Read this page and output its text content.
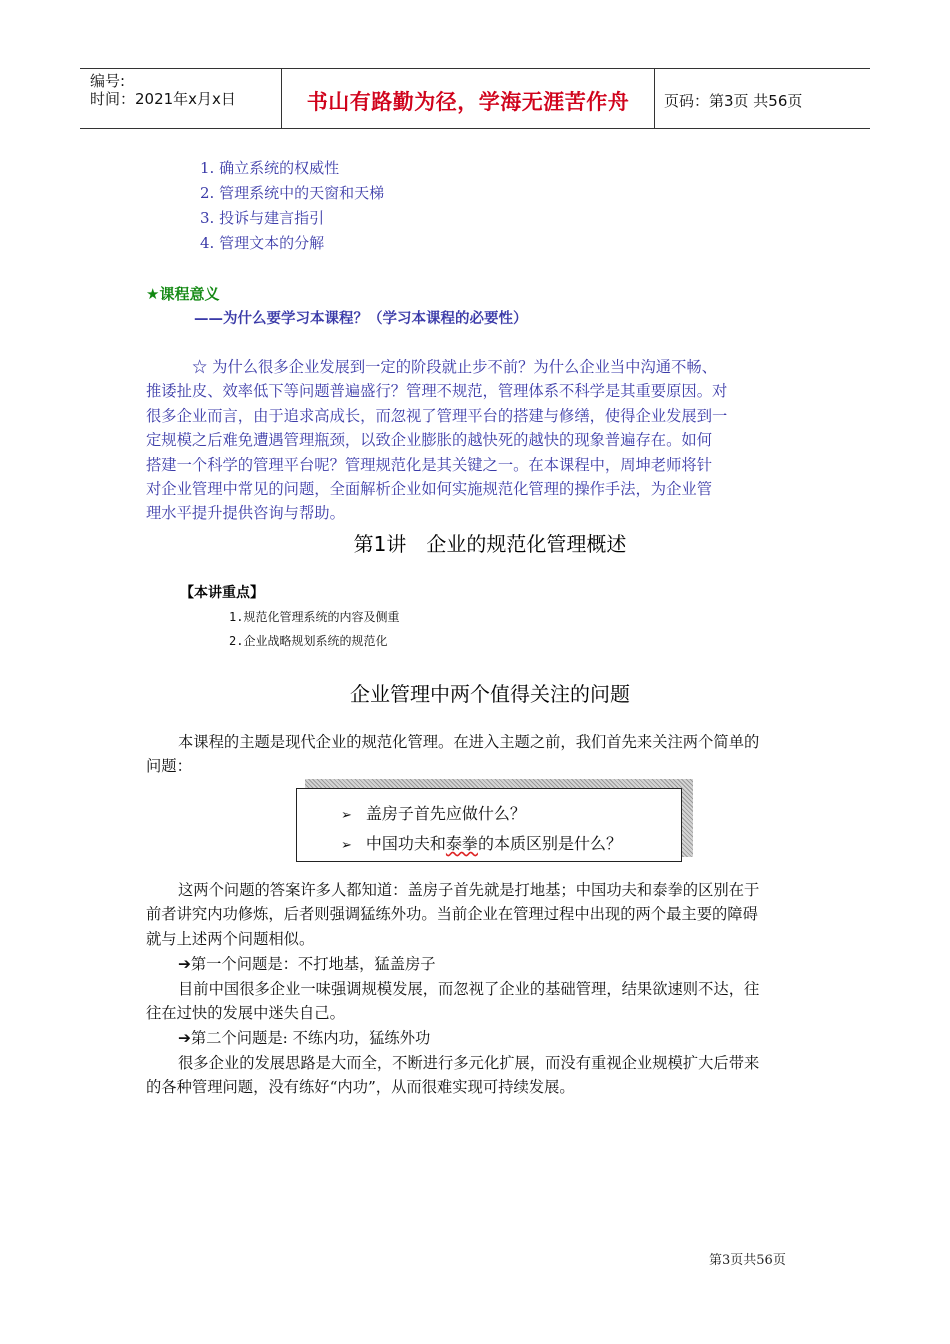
编号:
时间：2021年x月x日	书山有路勤为径，学海无涯苦作舟	页码：第3页 共56页
1. 确立系统的权威性
2. 管理系统中的天窗和天梯
3. 投诉与建言指引
4. 管理文本的分解
★课程意义
——为什么要学习本课程？（学习本课程的必要性）
☆ 为什么很多企业发展到一定的阶段就止步不前？为什么企业当中沟通不畅、
推诿扯皮、效率低下等问题普遍盛行？管理不规范，管理体系不科学是其重要原因。对
很多企业而言，由于追求高成长，而忽视了管理平台的搭建与修缮，使得企业发展到一
定规模之后难免遭遇管理瓶颈，以致企业膨胀的越快死的越快的现象普遍存在。如何
搭建一个科学的管理平台呢？管理规范化是其关键之一。在本课程中，周坤老师将针
对企业管理中常见的问题，全面解析企业如何实施规范化管理的操作手法，为企业管
理水平提升提供咨询与帮助。
第1讲　企业的规范化管理概述
【本讲重点】
1.规范化管理系统的内容及侧重
2.企业战略规划系统的规范化
企业管理中两个值得关注的问题
本课程的主题是现代企业的规范化管理。在进入主题之前，我们首先来关注两个简单的
问题：
➢ 盖房子首先应做什么？
➢ 中国功夫和泰拳的本质区别是什么？
这两个问题的答案许多人都知道：盖房子首先就是打地基；中国功夫和泰拳的区别在于
前者讲究内功修炼，后者则强调猛练外功。当前企业在管理过程中出现的两个最主要的障碍
就与上述两个问题相似。
➔第一个问题是：不打地基，猛盖房子
目前中国很多企业一味强调规模发展，而忽视了企业的基础管理，结果欲速则不达，往
往在过快的发展中迷失自己。
➔第二个问题是: 不练内功，猛练外功
很多企业的发展思路是大而全，不断进行多元化扩展，而没有重视企业规模扩大后带来
的各种管理问题，没有练好“内功”，从而很难实现可持续发展。
第3页共56页
